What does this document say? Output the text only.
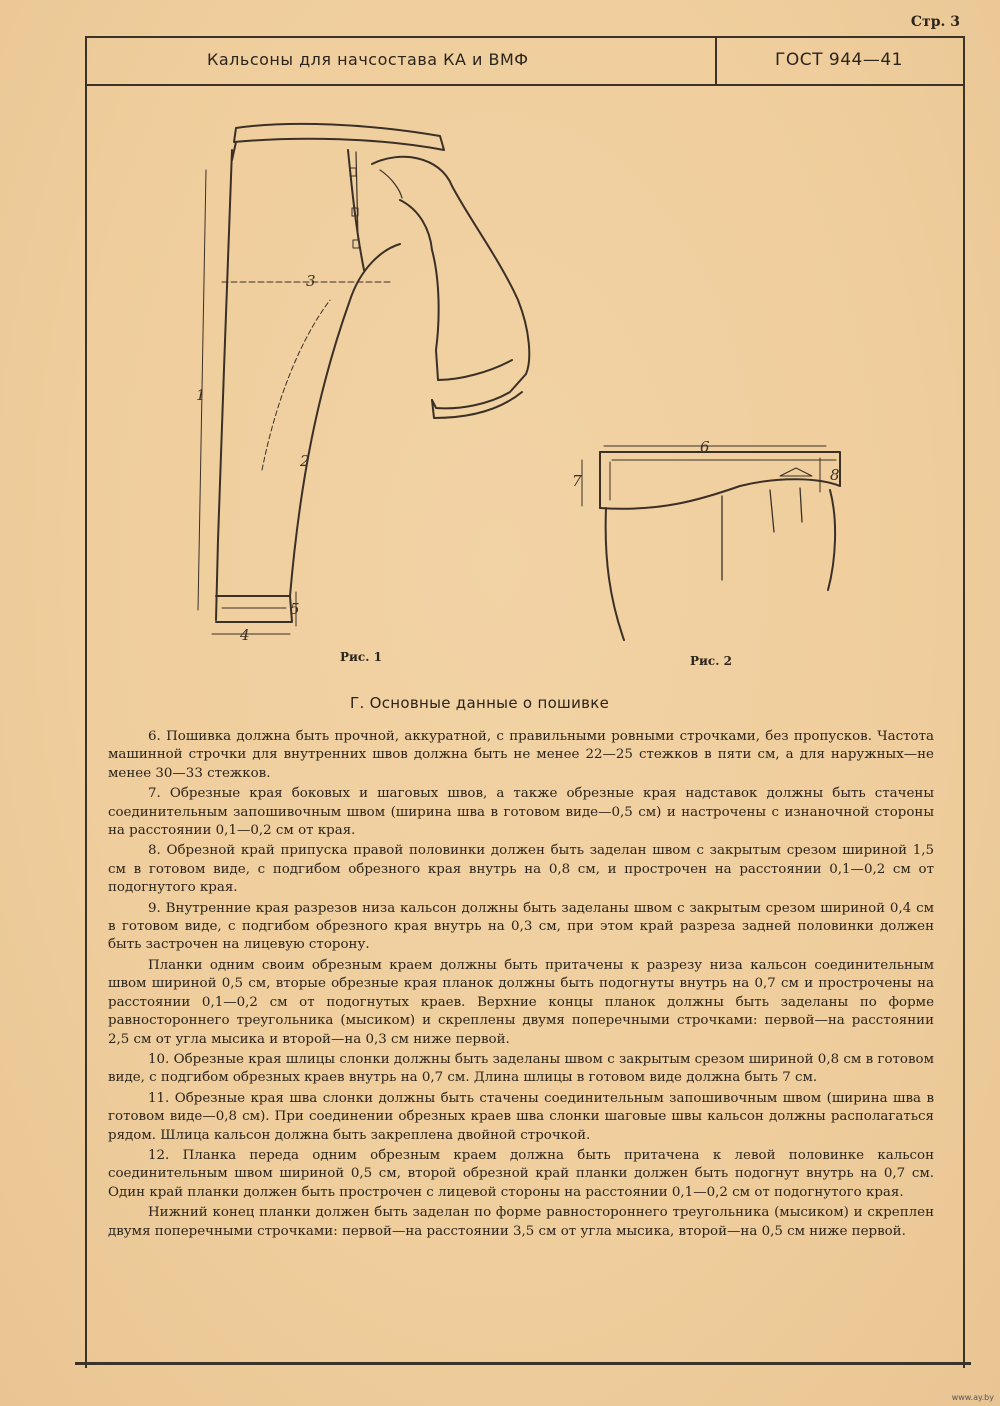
Стр. 3
Кальсоны для начсостава КА и ВМФ	ГОСТ 944—41
3
1
2
4
5
6
7	8
Рис. 1	Рис. 2
Г. Основные данные о пошивке

6. Пошивка должна быть прочной, аккуратной, с правильными ровными строчками, без пропусков. Частота машинной строчки для внутренних швов должна быть не менее 22—25 стежков в пяти см, а для наружных—не менее 30—33 стежков.

7. Обрезные края боковых и шаговых швов, а также обрезные края надставок должны быть стачены соединительным запошивочным швом (ширина шва в готовом виде—0,5 см) и настрочены с изнаночной стороны на расстоянии 0,1—0,2 см от края.

8. Обрезной край припуска правой половинки должен быть заделан швом с закрытым срезом шириной 1,5 см в готовом виде, с подгибом обрезного края внутрь на 0,8 см, и прострочен на расстоянии 0,1—0,2 см от подогнутого края.

9. Внутренние края разрезов низа кальсон должны быть заделаны швом с закрытым срезом шириной 0,4 см в готовом виде, с подгибом обрезного края внутрь на 0,3 см, при этом край разреза задней половинки должен быть застрочен на лицевую сторону.

Планки одним своим обрезным краем должны быть притачены к разрезу низа кальсон соединительным швом шириной 0,5 см, вторые обрезные края планок должны быть подогнуты внутрь на 0,7 см и прострочены на расстоянии 0,1—0,2 см от подогнутых краев. Верхние концы планок должны быть заделаны по форме равностороннего треугольника (мысиком) и скреплены двумя поперечными строчками: первой—на расстоянии 2,5 см от угла мысика и второй—на 0,3 см ниже первой.

10. Обрезные края шлицы слонки должны быть заделаны швом с закрытым срезом шириной 0,8 см в готовом виде, с подгибом обрезных краев внутрь на 0,7 см. Длина шлицы в готовом виде должна быть 7 см.

11. Обрезные края шва слонки должны быть стачены соединительным запошивочным швом (ширина шва в готовом виде—0,8 см). При соединении обрезных краев шва слонки шаговые швы кальсон должны располагаться рядом. Шлица кальсон должна быть закреплена двойной строчкой.

12. Планка переда одним обрезным краем должна быть притачена к левой половинке кальсон соединительным швом шириной 0,5 см, второй обрезной край планки должен быть подогнут внутрь на 0,7 см. Один край планки должен быть прострочен с лицевой стороны на расстоянии 0,1—0,2 см от подогнутого края.

Нижний конец планки должен быть заделан по форме равностороннего треугольника (мысиком) и скреплен двумя поперечными строчками: первой—на расстоянии 3,5 см от угла мысика, второй—на 0,5 см ниже первой.

www.ay.by
